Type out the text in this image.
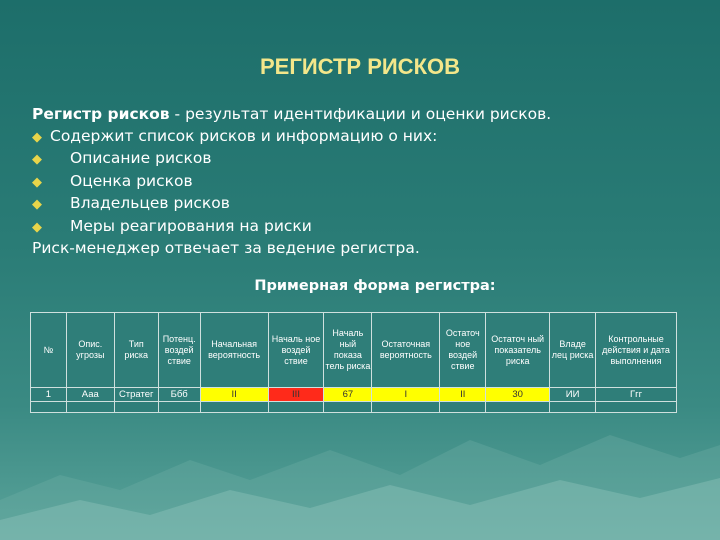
РЕГИСТР РИСКОВ
Регистр рисков - результат идентификации и оценки рисков.
◆ Содержит список рисков и информацию о них:
◆ Описание рисков
◆ Оценка рисков
◆ Владельцев рисков
◆ Меры реагирования на риски
Риск-менеджер отвечает за ведение регистра.
Примерная форма регистра:
№	Опис. угрозы	Тип риска	Потенц. воздей ствие	Начальная вероятность	Началь ное воздей ствие	Началь ный показа тель риска	Остаточная вероятность	Остаточ ное воздей ствие	Остаточ ный показатель риска	Владе лец риска	Контрольные действия и дата выполнения
1	Ааа	Стратег	Ббб	II	III	67	I	II	30	ИИ	Ггг
